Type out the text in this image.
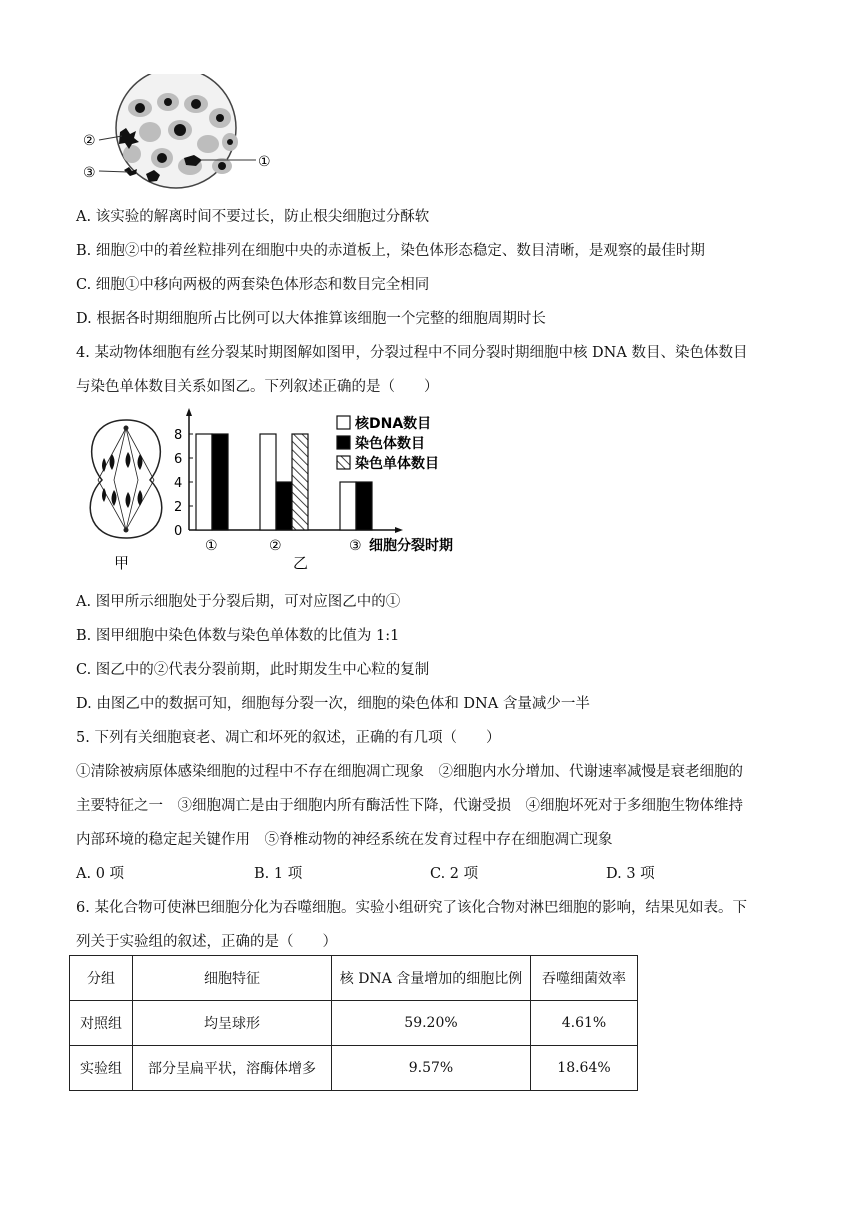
②
③
①
A. 该实验的解离时间不要过长，防止根尖细胞过分酥软
B. 细胞②中的着丝粒排列在细胞中央的赤道板上，染色体形态稳定、数目清晰，是观察的最佳时期
C. 细胞①中移向两极的两套染色体形态和数目完全相同
D. 根据各时期细胞所占比例可以大体推算该细胞一个完整的细胞周期时长
4. 某动物体细胞有丝分裂某时期图解如图甲，分裂过程中不同分裂时期细胞中核 DNA 数目、染色体数目
与染色单体数目关系如图乙。下列叙述正确的是（　　）
甲
0
2
4
6
8
①	②	③ 细胞分裂时期
乙
核DNA数目
染色体数目
染色单体数目
A. 图甲所示细胞处于分裂后期，可对应图乙中的①
B. 图甲细胞中染色体数与染色单体数的比值为 1:1
C. 图乙中的②代表分裂前期，此时期发生中心粒的复制
D. 由图乙中的数据可知，细胞每分裂一次，细胞的染色体和 DNA 含量减少一半
5. 下列有关细胞衰老、凋亡和坏死的叙述，正确的有几项（　　）
①清除被病原体感染细胞的过程中不存在细胞凋亡现象　②细胞内水分增加、代谢速率减慢是衰老细胞的
主要特征之一　③细胞凋亡是由于细胞内所有酶活性下降，代谢受损　④细胞坏死对于多细胞生物体维持
内部环境的稳定起关键作用　⑤脊椎动物的神经系统在发育过程中存在细胞凋亡现象
A. 0 项	B. 1 项	C. 2 项	D. 3 项
6. 某化合物可使淋巴细胞分化为吞噬细胞。实验小组研究了该化合物对淋巴细胞的影响，结果见如表。下
列关于实验组的叙述，正确的是（　　）
分组	细胞特征	核 DNA 含量增加的细胞比例	吞噬细菌效率
对照组	均呈球形	59.20%	4.61%
实验组	部分呈扁平状，溶酶体增多	9.57%	18.64%
